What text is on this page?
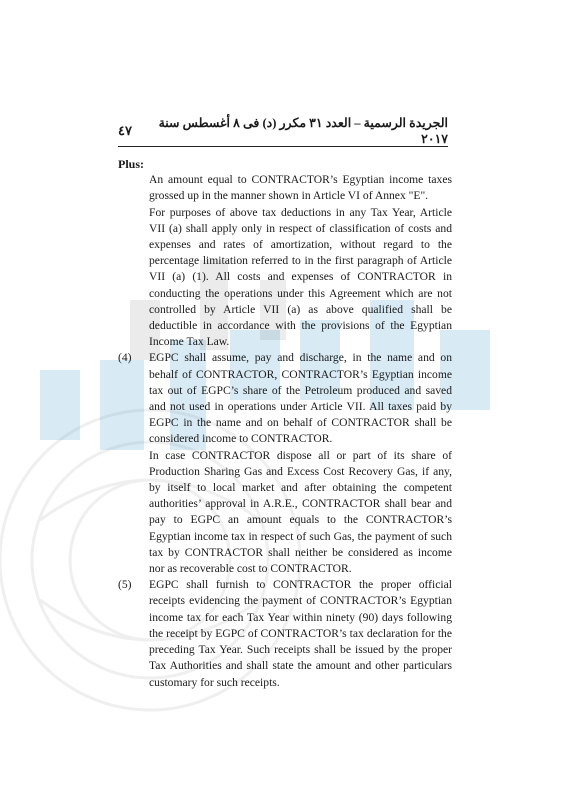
٤٧	الجريدة الرسمية – العدد ٣١ مكرر (د) فى ٨ أغسطس سنة ٢٠١٧
Plus:

An amount equal to CONTRACTOR’s Egyptian income taxes grossed up in the manner shown in Article VI of Annex "E".

For purposes of above tax deductions in any Tax Year, Article VII (a) shall apply only in respect of classification of costs and expenses and rates of amortization, without regard to the percentage limitation referred to in the first paragraph of Article VII (a) (1). All costs and expenses of CONTRACTOR in conducting the operations under this Agreement which are not controlled by Article VII (a) as above qualified shall be deductible in accordance with the provisions of the Egyptian Income Tax Law.

(4)	EGPC shall assume, pay and discharge, in the name and on behalf of CONTRACTOR, CONTRACTOR’s Egyptian income tax out of EGPC’s share of the Petroleum produced and saved and not used in operations under Article VII. All taxes paid by EGPC in the name and on behalf of CONTRACTOR shall be considered income to CONTRACTOR.

In case CONTRACTOR dispose all or part of its share of Production Sharing Gas and Excess Cost Recovery Gas, if any, by itself to local market and after obtaining the competent authorities’ approval in A.R.E., CONTRACTOR shall bear and pay to EGPC an amount equals to the CONTRACTOR’s Egyptian income tax in respect of such Gas, the payment of such tax by CONTRACTOR shall neither be considered as income nor as recoverable cost to CONTRACTOR.

(5)	EGPC shall furnish to CONTRACTOR the proper official receipts evidencing the payment of CONTRACTOR’s Egyptian income tax for each Tax Year within ninety (90) days following the receipt by EGPC of CONTRACTOR’s tax declaration for the preceding Tax Year. Such receipts shall be issued by the proper Tax Authorities and shall state the amount and other particulars customary for such receipts.
